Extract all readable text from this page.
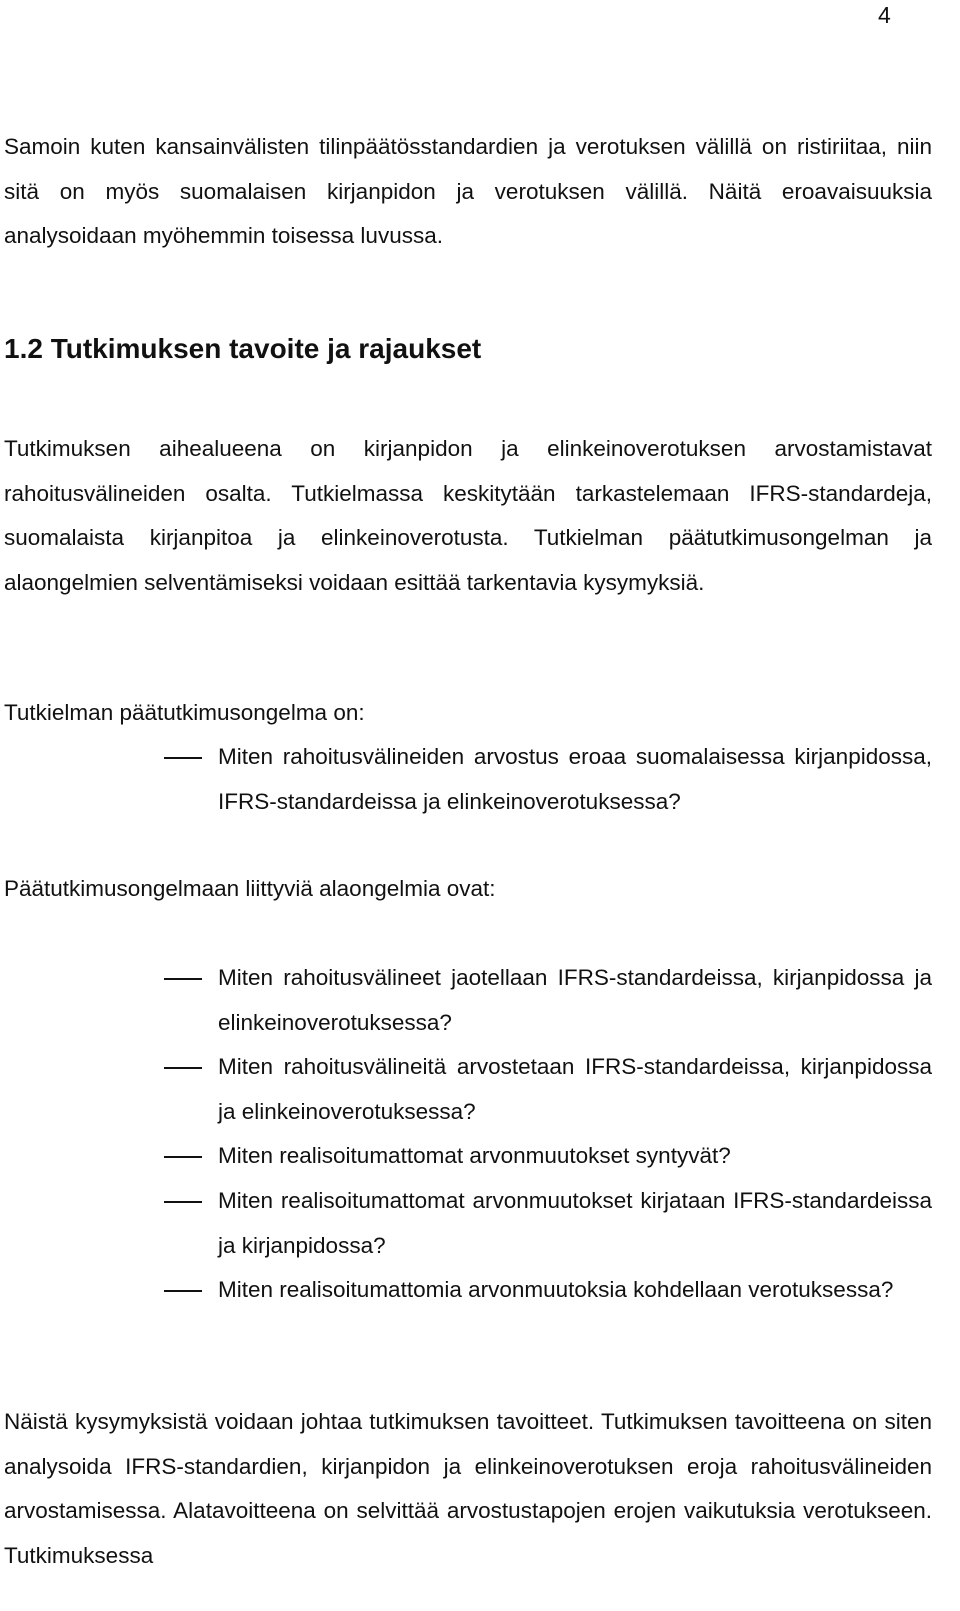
4

Samoin kuten kansainvälisten tilinpäätösstandardien ja verotuksen välillä on ristiriitaa, niin sitä on myös suomalaisen kirjanpidon ja verotuksen välillä. Näitä eroavaisuuksia analysoidaan myöhemmin toisessa luvussa.

1.2 Tutkimuksen tavoite ja rajaukset

Tutkimuksen aihealueena on kirjanpidon ja elinkeinoverotuksen arvostamistavat rahoitusvälineiden osalta. Tutkielmassa keskitytään tarkastelemaan IFRS-standardeja, suomalaista kirjanpitoa ja elinkeinoverotusta. Tutkielman päätutkimusongelman ja alaongelmien selventämiseksi voidaan esittää tarkentavia kysymyksiä.

Tutkielman päätutkimusongelma on:

Miten rahoitusvälineiden arvostus eroaa suomalaisessa kirjanpidossa, IFRS-standardeissa ja elinkeinoverotuksessa?

Päätutkimusongelmaan liittyviä alaongelmia ovat:

Miten rahoitusvälineet jaotellaan IFRS-standardeissa, kirjanpidossa ja elinkeinoverotuksessa?

Miten rahoitusvälineitä arvostetaan IFRS-standardeissa, kirjanpidossa ja elinkeinoverotuksessa?

Miten realisoitumattomat arvonmuutokset syntyvät?

Miten realisoitumattomat arvonmuutokset kirjataan IFRS-standardeissa ja kirjanpidossa?

Miten realisoitumattomia arvonmuutoksia kohdellaan verotuksessa?

Näistä kysymyksistä voidaan johtaa tutkimuksen tavoitteet. Tutkimuksen tavoitteena on siten analysoida IFRS-standardien, kirjanpidon ja elinkeinoverotuksen eroja rahoitusvälineiden arvostamisessa. Alatavoitteena on selvittää arvostustapojen erojen vaikutuksia verotukseen. Tutkimuksessa
